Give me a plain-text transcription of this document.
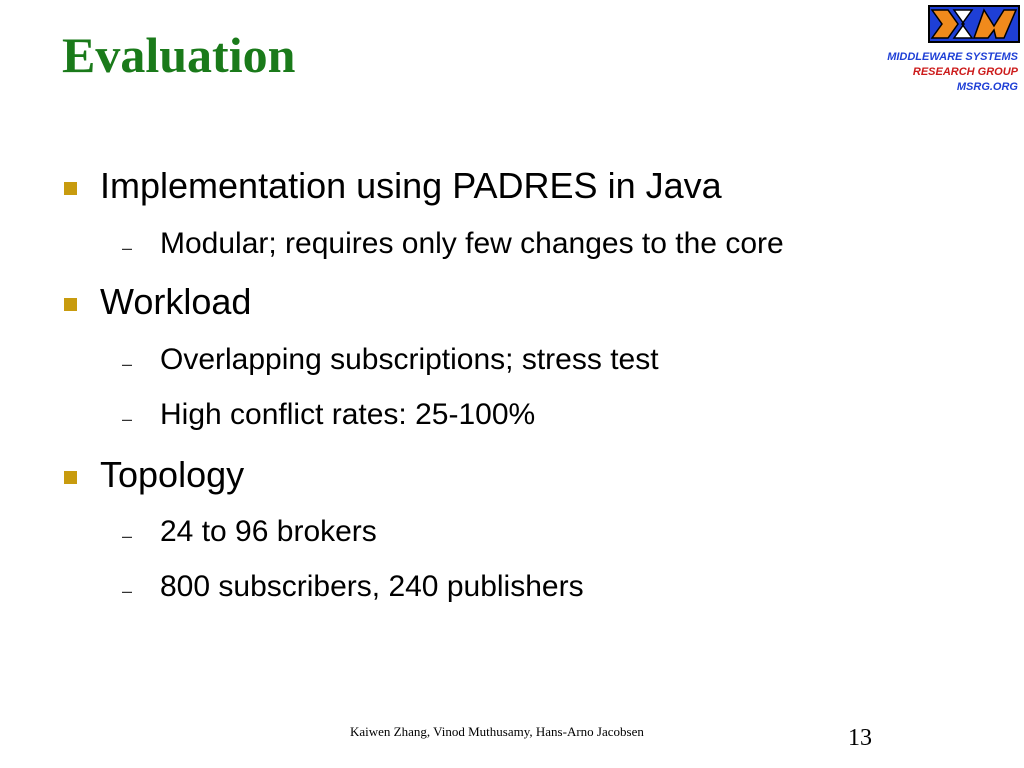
Evaluation	MIDDLEWARE SYSTEMS
RESEARCH GROUP
MSRG.ORG
Implementation using PADRES in Java
– Modular; requires only few changes to the core
Workload
– Overlapping subscriptions; stress test
– High conflict rates: 25-100%
Topology
– 24 to 96 brokers
– 800 subscribers, 240 publishers
Kaiwen Zhang, Vinod Muthusamy, Hans-Arno Jacobsen	13
